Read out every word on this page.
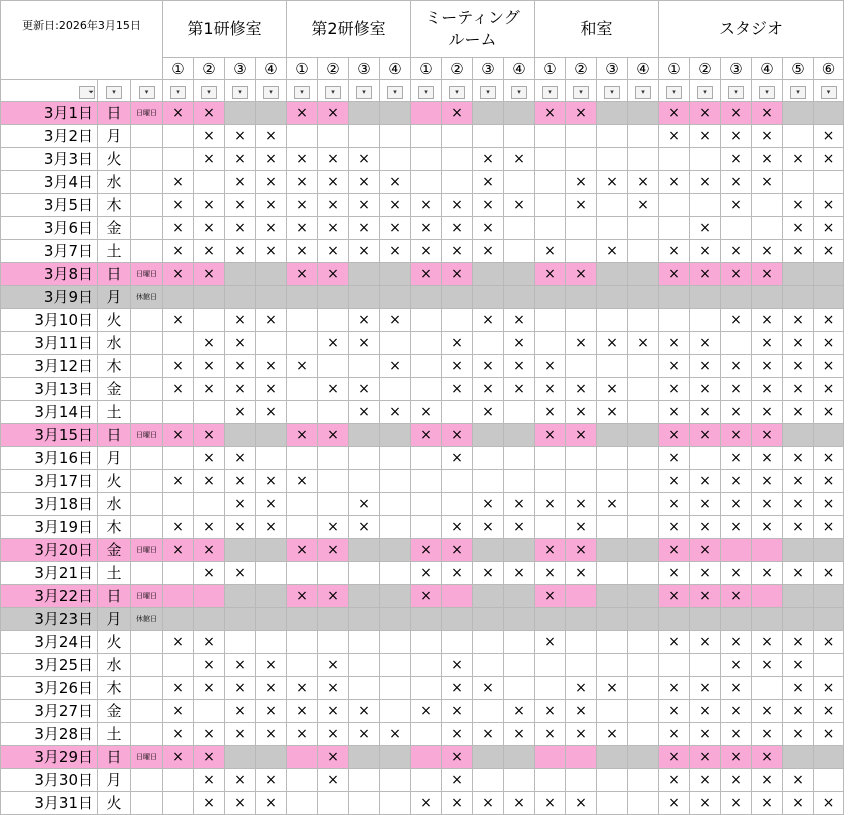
更新日:2026年3月15日			第1研修室				第2研修室				ミーティング
ルーム				和室				スタジオ					
			①	②	③	④	①	②	③	④	①	②	③	④	①	②	③	④	①	②	③	④	⑤	⑥
⏷	▾	▾	▾	▾	▾	▾	▾	▾	▾	▾	▾	▾	▾	▾	▾	▾	▾	▾	▾	▾	▾	▾	▾	▾
3月1日	日	日曜日	×	×			×	×				×			×	×			×	×	×	×		
3月2日	月			×	×	×													×	×	×	×		×
3月3日	火			×	×	×	×	×	×				×	×							×	×	×	×
3月4日	水		×		×	×	×	×	×	×			×			×	×	×	×	×	×	×		
3月5日	木		×	×	×	×	×	×	×	×	×	×	×	×		×		×			×		×	×
3月6日	金		×	×	×	×	×	×	×	×	×	×	×							×			×	×
3月7日	土		×	×	×	×	×	×	×	×	×	×	×		×		×		×	×	×	×	×	×
3月8日	日	日曜日	×	×			×	×			×	×			×	×			×	×	×	×		
3月9日	月	休館日																						
3月10日	火		×		×	×			×	×			×	×							×	×	×	×
3月11日	水			×	×			×	×			×		×		×	×	×	×	×		×	×	×
3月12日	木		×	×	×	×	×			×		×	×	×	×				×	×	×	×	×	×
3月13日	金		×	×	×	×		×	×			×	×	×	×	×	×		×	×	×	×	×	×
3月14日	土				×	×			×	×	×		×		×	×	×		×	×	×	×	×	×
3月15日	日	日曜日	×	×			×	×			×	×			×	×			×	×	×	×		
3月16日	月			×	×							×							×		×	×	×	×
3月17日	火		×	×	×	×	×												×	×	×	×	×	×
3月18日	水				×	×			×				×	×	×	×	×		×	×	×	×	×	×
3月19日	木		×	×	×	×		×	×			×	×	×		×			×	×	×	×	×	×
3月20日	金	日曜日	×	×			×	×			×	×			×	×			×	×				
3月21日	土			×	×						×	×	×	×	×	×			×	×	×	×	×	×
3月22日	日	日曜日					×	×			×				×				×	×	×			
3月23日	月	休館日																						
3月24日	火		×	×											×				×	×	×	×	×	×
3月25日	水			×	×	×		×				×									×	×	×	
3月26日	木		×	×	×	×	×	×				×	×			×	×		×	×	×		×	×
3月27日	金		×		×	×	×	×	×		×	×		×	×	×			×	×	×	×	×	×
3月28日	土		×	×	×	×	×	×	×	×		×	×	×	×	×	×		×	×	×	×	×	×
3月29日	日	日曜日	×	×				×				×							×	×	×	×		
3月30日	月			×	×	×		×				×							×	×	×	×	×	
3月31日	火			×	×	×					×	×	×	×	×	×			×	×	×	×	×	×
